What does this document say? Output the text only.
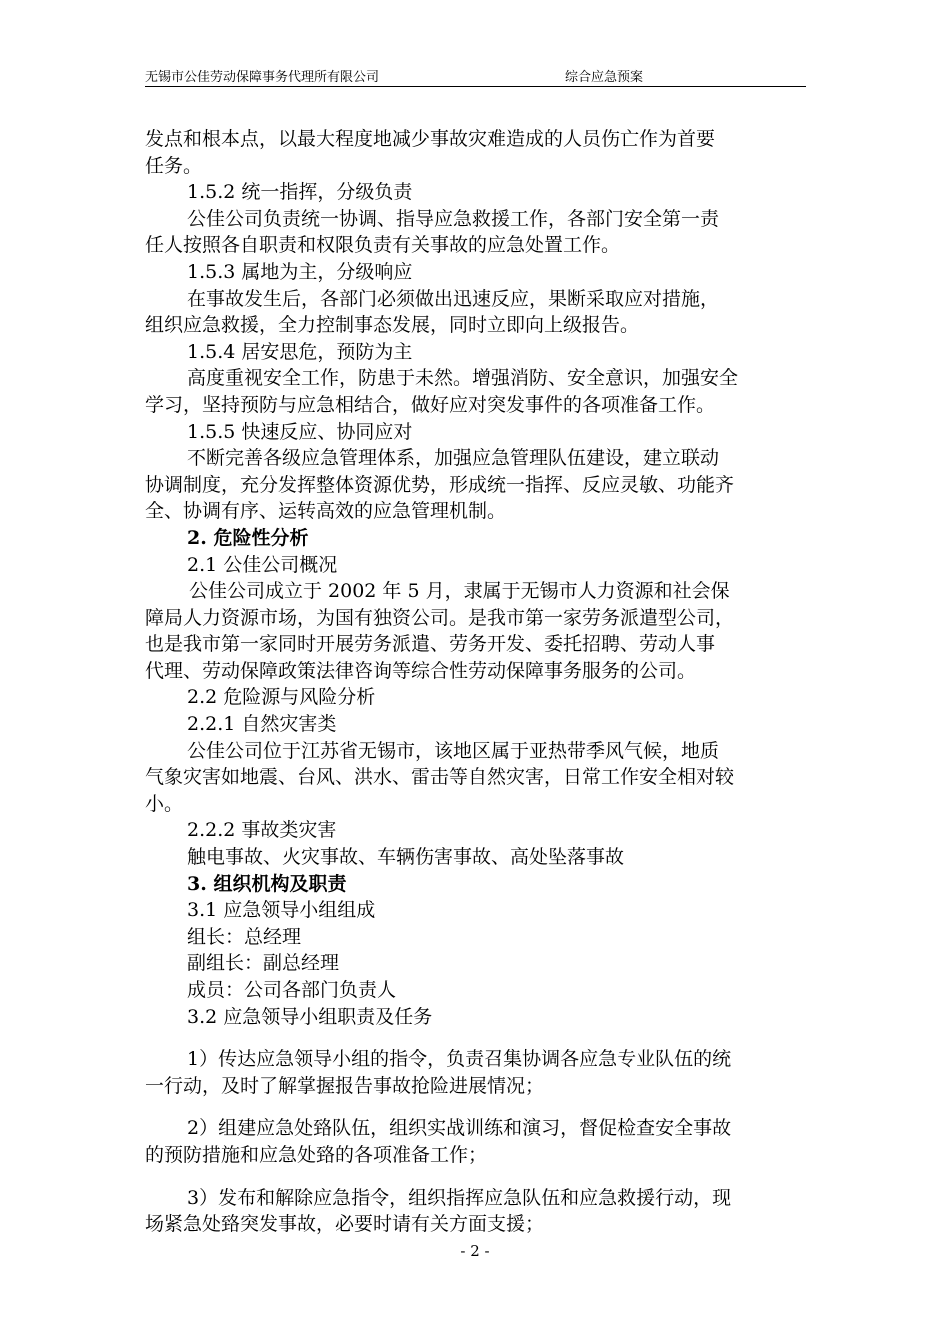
无锡市公佳劳动保障事务代理所有限公司	综合应急预案

发点和根本点，以最大程度地减少事故灾难造成的人员伤亡作为首要

任务。

1.5.2 统一指挥，分级负责

公佳公司负责统一协调、指导应急救援工作，各部门安全第一责

任人按照各自职责和权限负责有关事故的应急处置工作。

1.5.3 属地为主，分级响应

在事故发生后，各部门必须做出迅速反应，果断采取应对措施，

组织应急救援，全力控制事态发展，同时立即向上级报告。

1.5.4 居安思危，预防为主

高度重视安全工作，防患于未然。增强消防、安全意识，加强安全

学习，坚持预防与应急相结合，做好应对突发事件的各项准备工作。

1.5.5 快速反应、协同应对

不断完善各级应急管理体系，加强应急管理队伍建设，建立联动

协调制度，充分发挥整体资源优势，形成统一指挥、反应灵敏、功能齐

全、协调有序、运转高效的应急管理机制。

2. 危险性分析

2.1 公佳公司概况

公佳公司成立于 2002 年 5 月，隶属于无锡市人力资源和社会保

障局人力资源市场，为国有独资公司。是我市第一家劳务派遣型公司，

也是我市第一家同时开展劳务派遣、劳务开发、委托招聘、劳动人事

代理、劳动保障政策法律咨询等综合性劳动保障事务服务的公司。

2.2 危险源与风险分析

2.2.1 自然灾害类

公佳公司位于江苏省无锡市，该地区属于亚热带季风气候，地质

气象灾害如地震、台风、洪水、雷击等自然灾害，日常工作安全相对较

小。

2.2.2 事故类灾害

触电事故、火灾事故、车辆伤害事故、高处坠落事故

3. 组织机构及职责

3.1 应急领导小组组成

组长：总经理

副组长：副总经理

成员：公司各部门负责人

3.2 应急领导小组职责及任务

1）传达应急领导小组的指令，负责召集协调各应急专业队伍的统

一行动，及时了解掌握报告事故抢险进展情况；

2）组建应急处臵队伍，组织实战训练和演习，督促检查安全事故

的预防措施和应急处臵的各项准备工作；

3）发布和解除应急指令，组织指挥应急队伍和应急救援行动，现

场紧急处臵突发事故，必要时请有关方面支援；

- 2 -
